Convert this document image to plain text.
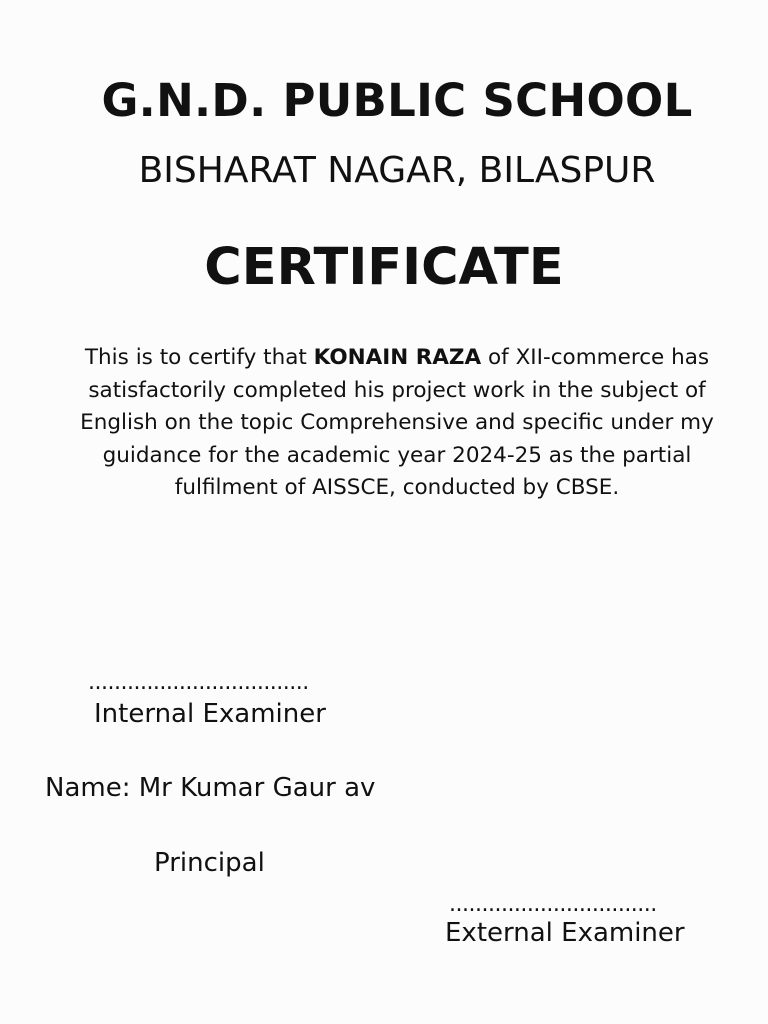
G.N.D. PUBLIC SCHOOL
BISHARAT NAGAR, BILASPUR
CERTIFICATE

This is to certify that KONAIN RAZA of XII-commerce has satisfactorily completed his project work in the subject of English on the topic Comprehensive and specific under my guidance for the academic year 2024-25 as the partial fulfilment of AISSCE, conducted by CBSE.

..................................

Internal Examiner

Name: Mr Kumar Gaur av

Principal

................................

External Examiner
